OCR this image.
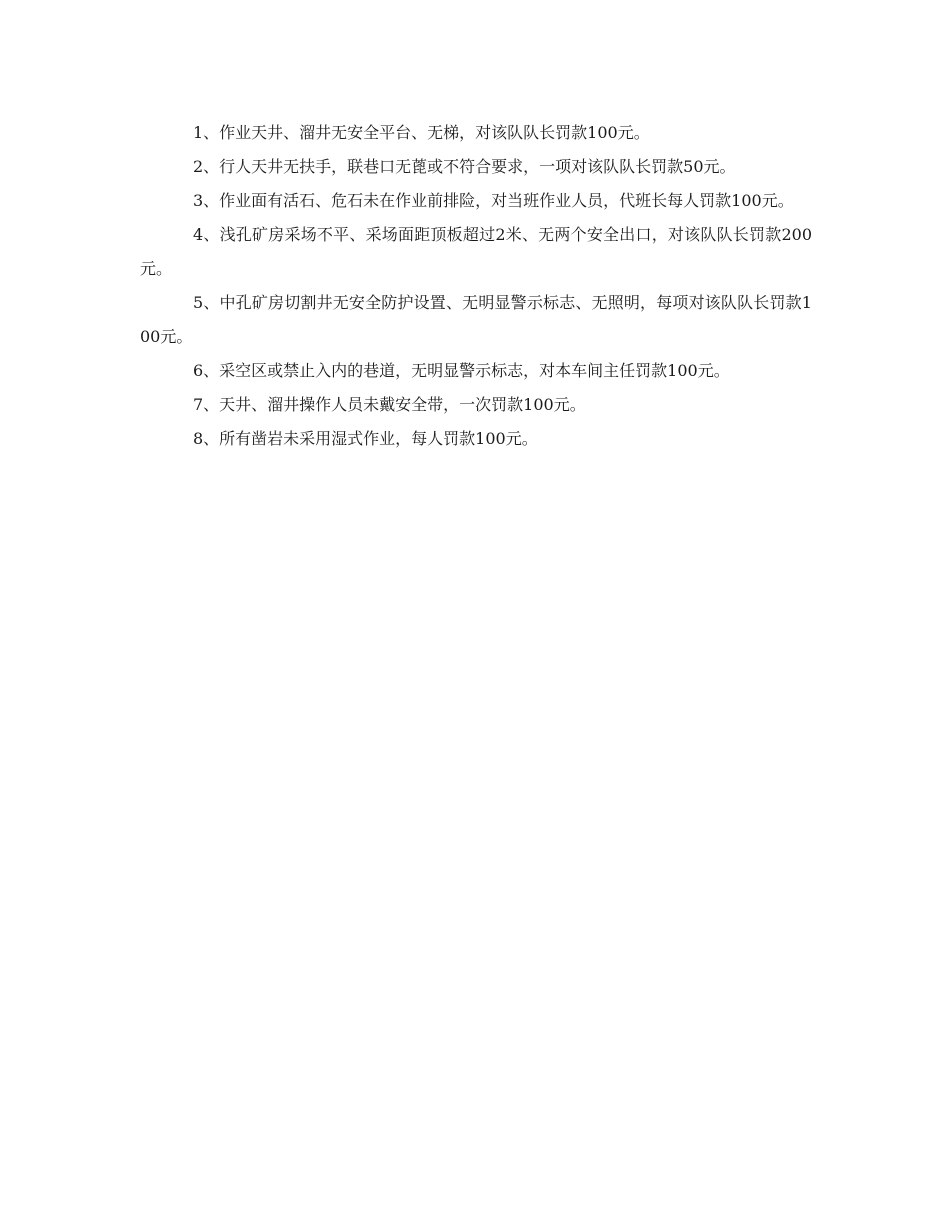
1、作业天井、溜井无安全平台、无梯，对该队队长罚款100元。

2、行人天井无扶手，联巷口无蓖或不符合要求，一项对该队队长罚款50元。

3、作业面有活石、危石未在作业前排险，对当班作业人员，代班长每人罚款100元。

4、浅孔矿房采场不平、采场面距顶板超过2米、无两个安全出口，对该队队长罚款200元。

5、中孔矿房切割井无安全防护设置、无明显警示标志、无照明，每项对该队队长罚款100元。

6、采空区或禁止入内的巷道，无明显警示标志，对本车间主任罚款100元。

7、天井、溜井操作人员未戴安全带，一次罚款100元。

8、所有凿岩未采用湿式作业，每人罚款100元。
